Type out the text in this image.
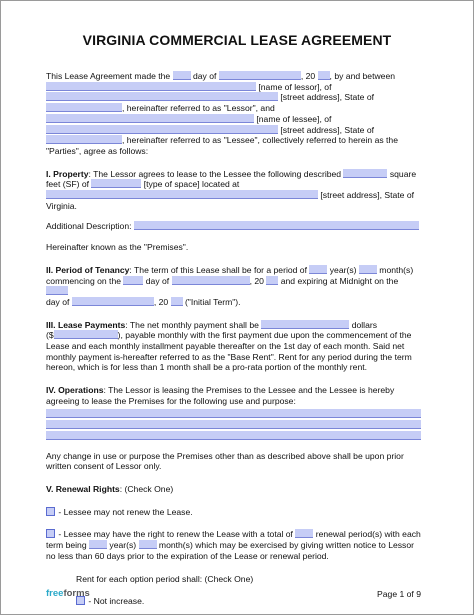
VIRGINIA COMMERCIAL LEASE AGREEMENT

This Lease Agreement made the	day of	, 20 , by and between

[name of lessor], of

[street address], State of

, hereinafter referred to as "Lessor", and

[name of lessee], of

[street address], State of

, hereinafter referred to as "Lessee", collectively referred to herein as the

"Parties", agree as follows:

I. Property: The Lessor agrees to lease to the Lessee the following described	square

feet (SF) of	[type of space] located at

[street address], State of

Virginia.

Additional Description:

Hereinafter known as the "Premises".

II. Period of Tenancy: The term of this Lease shall be for a period of	year(s)	month(s)

commencing on the	day of	, 20 and expiring at Midnight on the

day of	, 20 ("Initial Term").

III. Lease Payments: The net monthly payment shall be	dollars

($	), payable monthly with the first payment due upon the commencement of the

Lease and each monthly installment payable thereafter on the 1st day of each month. Said net

monthly payment is-hereafter referred to as the "Base Rent". Rent for any period during the term

hereon, which is for less than 1 month shall be a pro-rata portion of the monthly rent.

IV. Operations: The Lessor is leasing the Premises to the Lessee and the Lessee is hereby

agreeing to lease the Premises for the following use and purpose:

Any change in use or purpose the Premises other than as described above shall be upon prior

written consent of Lessor only.

V. Renewal Rights: (Check One)

- Lessee may not renew the Lease.

- Lessee may have the right to renew the Lease with a total of	renewal period(s) with each

term being	year(s)	month(s) which may be exercised by giving written notice to Lessor

no less than 60 days prior to the expiration of the Lease or renewal period.

Rent for each option period shall: (Check One)

- Not increase.

freeforms	Page 1 of 9
